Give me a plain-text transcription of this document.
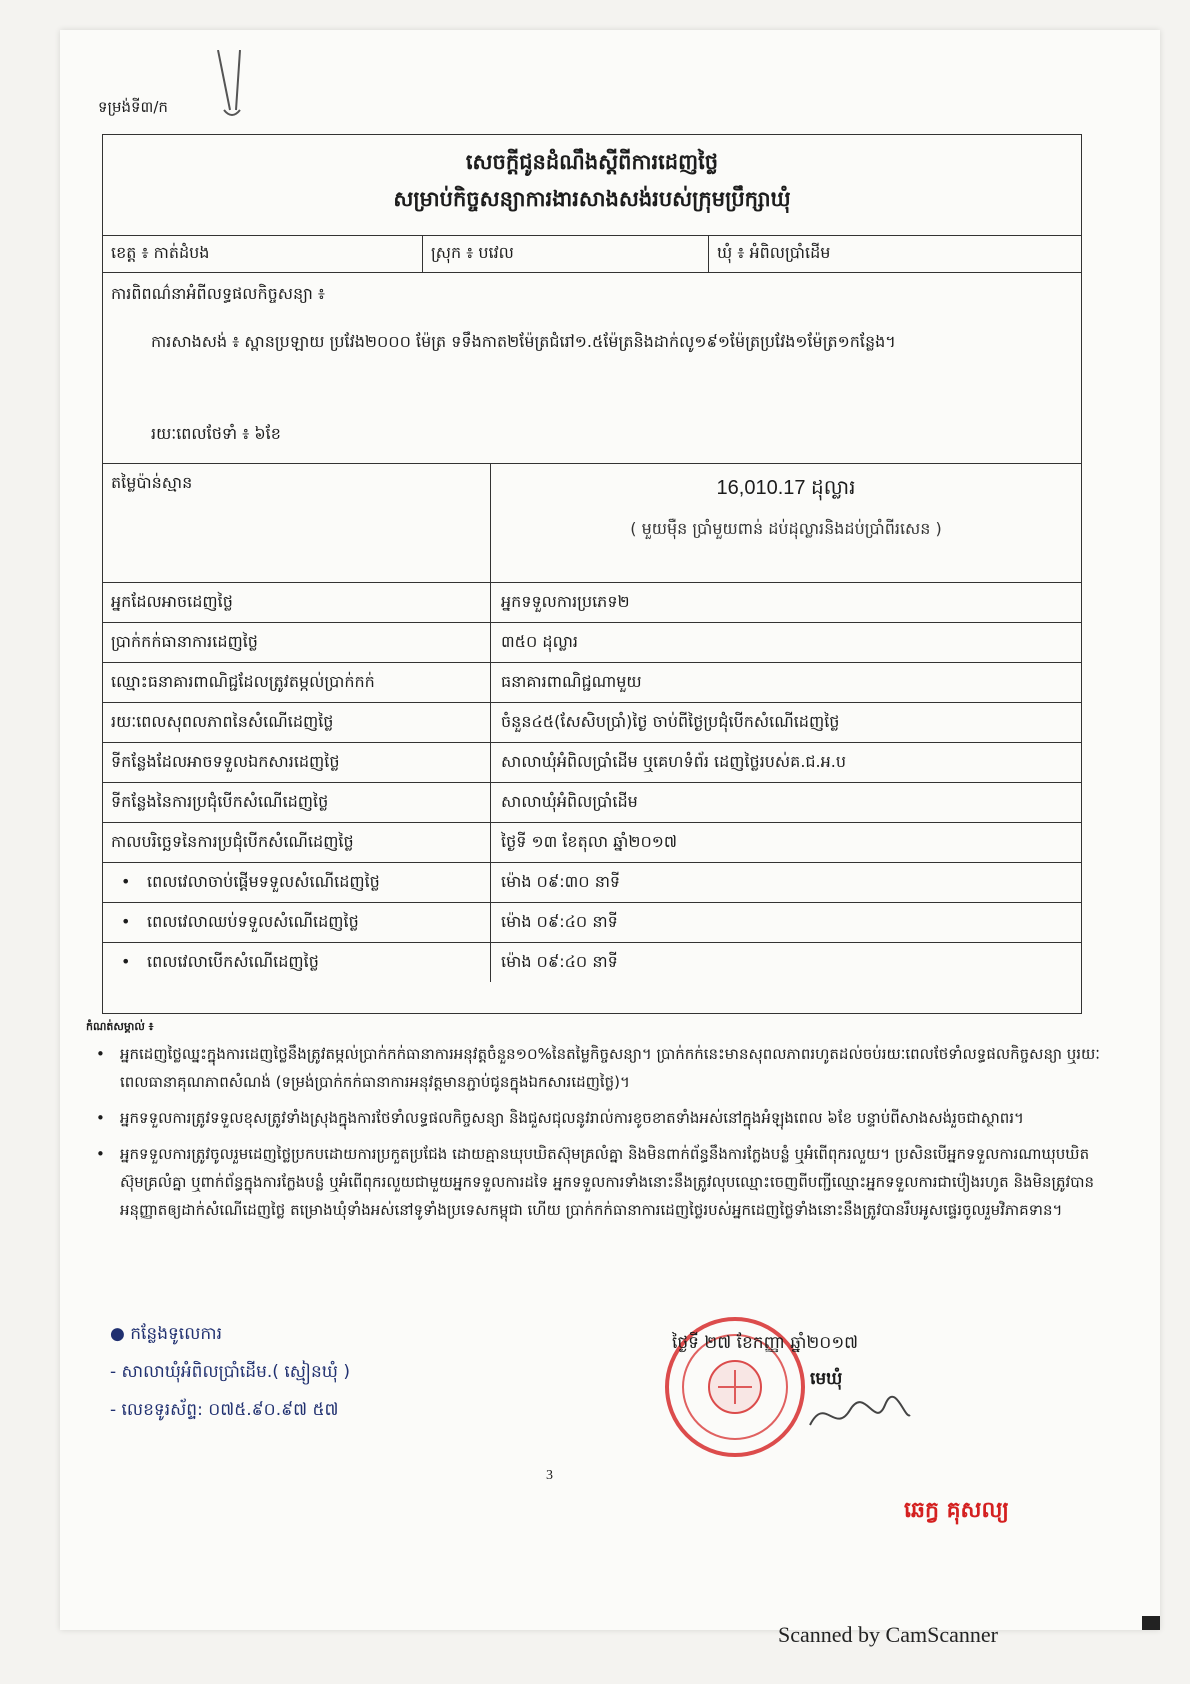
ទម្រង់ទី៣/ក
សេចក្តីជូនដំណឹងស្តីពីការដេញថ្លៃ
សម្រាប់កិច្ចសន្យាការងារសាងសង់របស់ក្រុមប្រឹក្សាឃុំ
ខេត្ត ៖ កាត់ដំបង	ស្រុក ៖ បវេល	ឃុំ ៖ អំពិលប្រាំដើម
ការពិពណ៌នាអំពីលទ្ធផលកិច្ចសន្យា ៖
ការសាងសង់ ៖ ស្ពានប្រឡាយ ប្រវែង២០០០ ម៉ែត្រ ទទឹងកាត២ម៉ែត្រជំរៅ១.៥ម៉ែត្រនិងដាក់លូ១៩១ម៉ែត្រប្រវែង១ម៉ែត្រ១កន្លែង។
រយៈពេលថែទាំ ៖ ៦ខែ
តម្លៃប៉ាន់ស្មាន	16,010.17 ដុល្លារ
( មួយម៉ឺន ប្រាំមួយពាន់ ដប់ដុល្លារនិងដប់ប្រាំពីរសេន )
អ្នកដែលអាចដេញថ្លៃ	អ្នកទទួលការប្រភេទ២
ប្រាក់កក់ធានាការដេញថ្លៃ	៣៥០ ដុល្លារ
ឈ្មោះធនាគារពាណិជ្ជដែលត្រូវតម្កល់ប្រាក់កក់	ធនាគារពាណិជ្ជណាមួយ
រយៈពេលសុពលភាពនៃសំណើដេញថ្លៃ	ចំនួន៤៥(សែសិបប្រាំ)ថ្ងៃ ចាប់ពីថ្ងៃប្រជុំបើកសំណើដេញថ្លៃ
ទីកន្លែងដែលអាចទទួលឯកសារដេញថ្លៃ	សាលាឃុំអំពិលប្រាំដើម ឬគេហទំព័រ ដេញថ្លៃរបស់គ.ជ.អ.ប
ទីកន្លែងនៃការប្រជុំបើកសំណើដេញថ្លៃ	សាលាឃុំអំពិលប្រាំដើម
កាលបរិច្ឆេទនៃការប្រជុំបើកសំណើដេញថ្លៃ	ថ្ងៃទី ១៣ ខែតុលា ឆ្នាំ២០១៧
• ពេលវេលាចាប់ផ្តើមទទួលសំណើដេញថ្លៃ	ម៉ោង ០៩:៣០ នាទី
• ពេលវេលាឈប់ទទួលសំណើដេញថ្លៃ	ម៉ោង ០៩:៤០ នាទី
• ពេលវេលាបើកសំណើដេញថ្លៃ	ម៉ោង ០៩:៤០ នាទី
កំណត់សម្គាល់ ៖
• អ្នកដេញថ្លៃឈ្នះក្នុងការដេញថ្លៃនឹងត្រូវតម្កល់ប្រាក់កក់ធានាការអនុវត្តចំនួន១០%នៃតម្លៃកិច្ចសន្យា។ ប្រាក់កក់នេះមានសុពលភាពរហូតដល់ចប់រយៈពេលថែទាំលទ្ធផលកិច្ចសន្យា ឬរយៈពេលធានាគុណភាពសំណង់ (ទម្រង់ប្រាក់កក់ធានាការអនុវត្តមានភ្ជាប់ជូនក្នុងឯកសារដេញថ្លៃ)។
• អ្នកទទួលការត្រូវទទួលខុសត្រូវទាំងស្រុងក្នុងការថែទាំលទ្ធផលកិច្ចសន្យា និងជួសជុលនូវរាល់ការខូចខាតទាំងអស់នៅក្នុងអំឡុងពេល ៦ខែ បន្ទាប់ពីសាងសង់រួចជាស្ថាពរ។
• អ្នកទទួលការត្រូវចូលរួមដេញថ្លៃប្រកបដោយការប្រកួតប្រជែង ដោយគ្មានឃុបឃិតស៊ុមគ្រលំគ្នា និងមិនពាក់ព័ន្ធនឹងការក្លែងបន្លំ ឬអំពើពុករលួយ។ ប្រសិនបើអ្នកទទួលការណាឃុបឃិតស៊ុមគ្រលំគ្នា ឬពាក់ព័ន្ធក្នុងការក្លែងបន្លំ ឬអំពើពុករលួយជាមួយអ្នកទទួលការដទៃ អ្នកទទួលការទាំងនោះនឹងត្រូវលុបឈ្មោះចេញពីបញ្ជីឈ្មោះអ្នកទទួលការជាប៉ៀងរហូត និងមិនត្រូវបានអនុញ្ញាតឲ្យដាក់សំណើដេញថ្លៃ តម្រោងឃុំទាំងអស់នៅទូទាំងប្រទេសកម្ពុជា ហើយ ប្រាក់កក់ធានាការដេញថ្លៃរបស់អ្នកដេញថ្លៃទាំងនោះនឹងត្រូវបានរឹបអូសផ្ទេរចូលរួមវិភាគទាន។
● កន្លែងទូលេការ
- សាលាឃុំអំពិលប្រាំដើម.( ស្មៀនឃុំ )
- លេខទូរស័ព្ទ: ០៧៥.៩០.៩៧ ៥៧
ថ្ងៃទី ២៧ ខែកញ្ញា ឆ្នាំ២០១៧
មេឃុំ
3
ឆេក្វ គុសល្យ
Scanned by CamScanner
